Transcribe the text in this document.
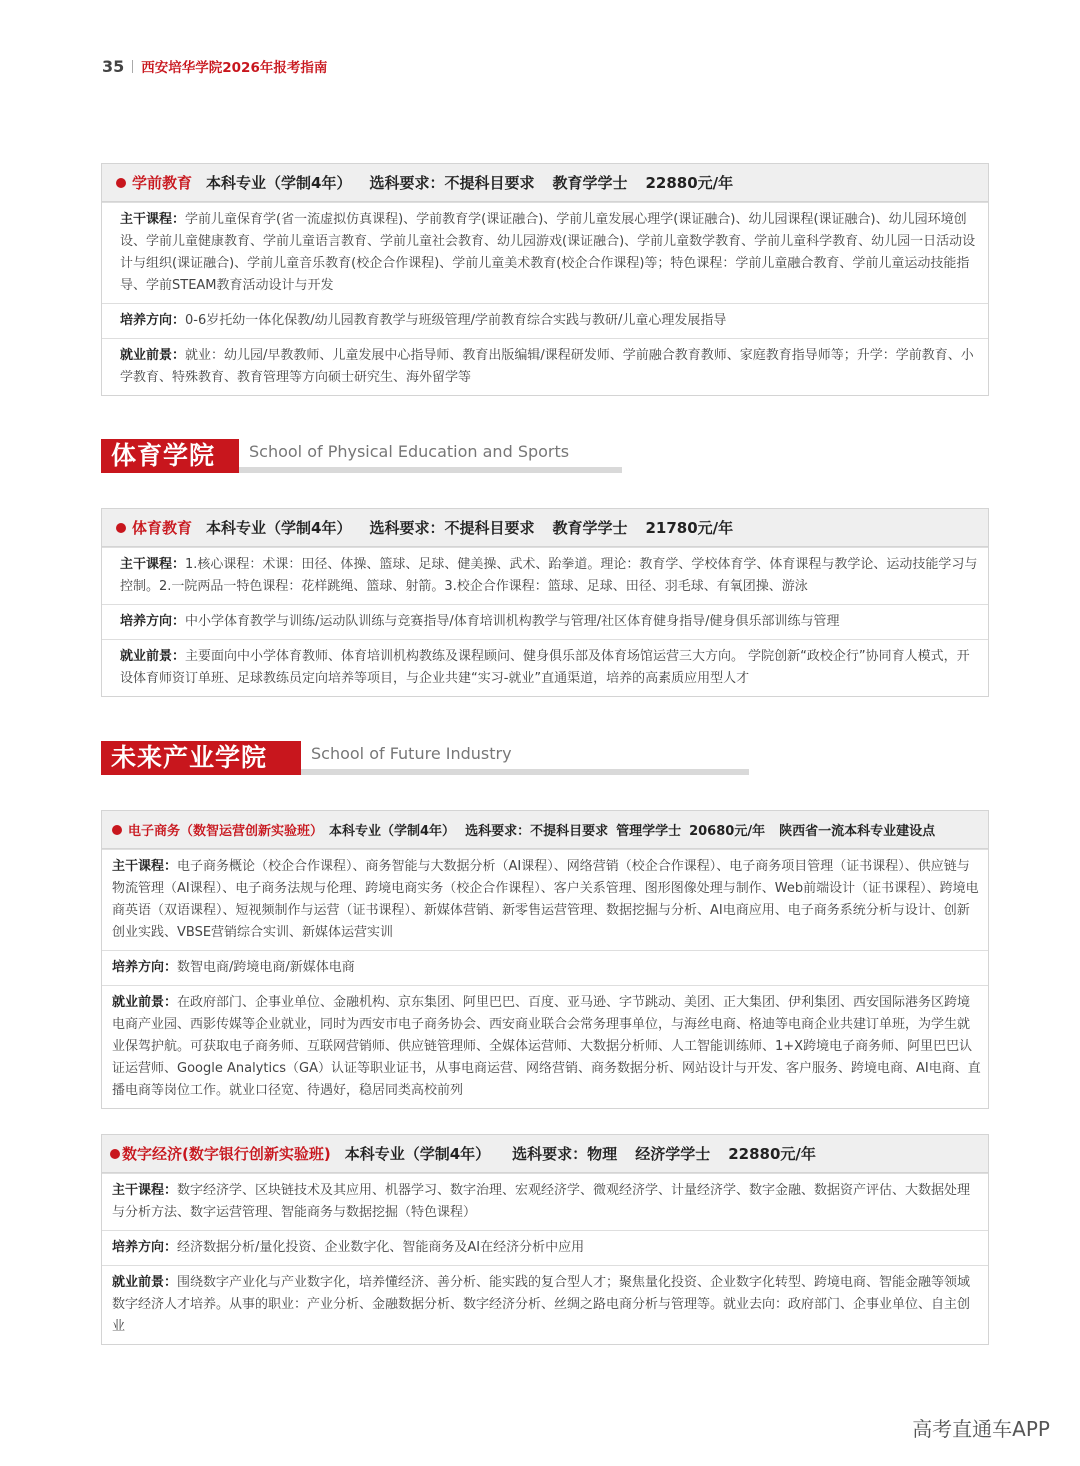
35 西安培华学院2026年报考指南
学前教育 本科专业（学制4年） 选科要求：不提科目要求 教育学学士 22880元/年
主干课程：学前儿童保育学(省一流虚拟仿真课程)、学前教育学(课证融合)、学前儿童发展心理学(课证融合)、幼儿园课程(课证融合)、幼儿园环境创设、学前儿童健康教育、学前儿童语言教育、学前儿童社会教育、幼儿园游戏(课证融合)、学前儿童数学教育、学前儿童科学教育、幼儿园一日活动设计与组织(课证融合)、学前儿童音乐教育(校企合作课程)、学前儿童美术教育(校企合作课程)等；特色课程：学前儿童融合教育、学前儿童运动技能指导、学前STEAM教育活动设计与开发
培养方向：0-6岁托幼一体化保教/幼儿园教育教学与班级管理/学前教育综合实践与教研/儿童心理发展指导
就业前景：就业：幼儿园/早教教师、儿童发展中心指导师、教育出版编辑/课程研发师、学前融合教育教师、家庭教育指导师等；升学：学前教育、小学教育、特殊教育、教育管理等方向硕士研究生、海外留学等
体育学院	School of Physical Education and Sports
体育教育 本科专业（学制4年） 选科要求：不提科目要求 教育学学士 21780元/年
主干课程：1.核心课程：术课：田径、体操、篮球、足球、健美操、武术、跆拳道。理论：教育学、学校体育学、体育课程与教学论、运动技能学习与控制。2.一院两品一特色课程：花样跳绳、篮球、射箭。3.校企合作课程：篮球、足球、田径、羽毛球、有氧团操、游泳
培养方向：中小学体育教学与训练/运动队训练与竞赛指导/体育培训机构教学与管理/社区体育健身指导/健身俱乐部训练与管理
就业前景：主要面向中小学体育教师、体育培训机构教练及课程顾问、健身俱乐部及体育场馆运营三大方向。 学院创新“政校企行”协同育人模式，开设体育师资订单班、足球教练员定向培养等项目，与企业共建“实习-就业”直通渠道，培养的高素质应用型人才
未来产业学院	School of Future Industry
电子商务（数智运营创新实验班） 本科专业（学制4年） 选科要求：不提科目要求 管理学学士 20680元/年 陕西省一流本科专业建设点
主干课程：电子商务概论（校企合作课程）、商务智能与大数据分析（AI课程）、网络营销（校企合作课程）、电子商务项目管理（证书课程）、供应链与物流管理（AI课程）、电子商务法规与伦理、跨境电商实务（校企合作课程）、客户关系管理、图形图像处理与制作、Web前端设计（证书课程）、跨境电商英语（双语课程）、短视频制作与运营（证书课程）、新媒体营销、新零售运营管理、数据挖掘与分析、AI电商应用、电子商务系统分析与设计、创新创业实践、VBSE营销综合实训、新媒体运营实训
培养方向：数智电商/跨境电商/新媒体电商
就业前景：在政府部门、企事业单位、金融机构、京东集团、阿里巴巴、百度、亚马逊、字节跳动、美团、正大集团、伊利集团、西安国际港务区跨境电商产业园、西影传媒等企业就业，同时为西安市电子商务协会、西安商业联合会常务理事单位，与海丝电商、格迪等电商企业共建订单班，为学生就业保驾护航。可获取电子商务师、互联网营销师、供应链管理师、全媒体运营师、大数据分析师、人工智能训练师、1+X跨境电子商务师、阿里巴巴认证运营师、Google Analytics（GA）认证等职业证书，从事电商运营、网络营销、商务数据分析、网站设计与开发、客户服务、跨境电商、AI电商、直播电商等岗位工作。就业口径宽、待遇好，稳居同类高校前列
数字经济(数字银行创新实验班) 本科专业（学制4年） 选科要求：物理 经济学学士 22880元/年
主干课程：数字经济学、区块链技术及其应用、机器学习、数字治理、宏观经济学、微观经济学、计量经济学、数字金融、数据资产评估、大数据处理与分析方法、数字运营管理、智能商务与数据挖掘（特色课程）
培养方向：经济数据分析/量化投资、企业数字化、智能商务及AI在经济分析中应用
就业前景：围绕数字产业化与产业数字化，培养懂经济、善分析、能实践的复合型人才；聚焦量化投资、企业数字化转型、跨境电商、智能金融等领域数字经济人才培养。从事的职业：产业分析、金融数据分析、数字经济分析、丝绸之路电商分析与管理等。就业去向：政府部门、企事业单位、自主创业
高考直通车APP
